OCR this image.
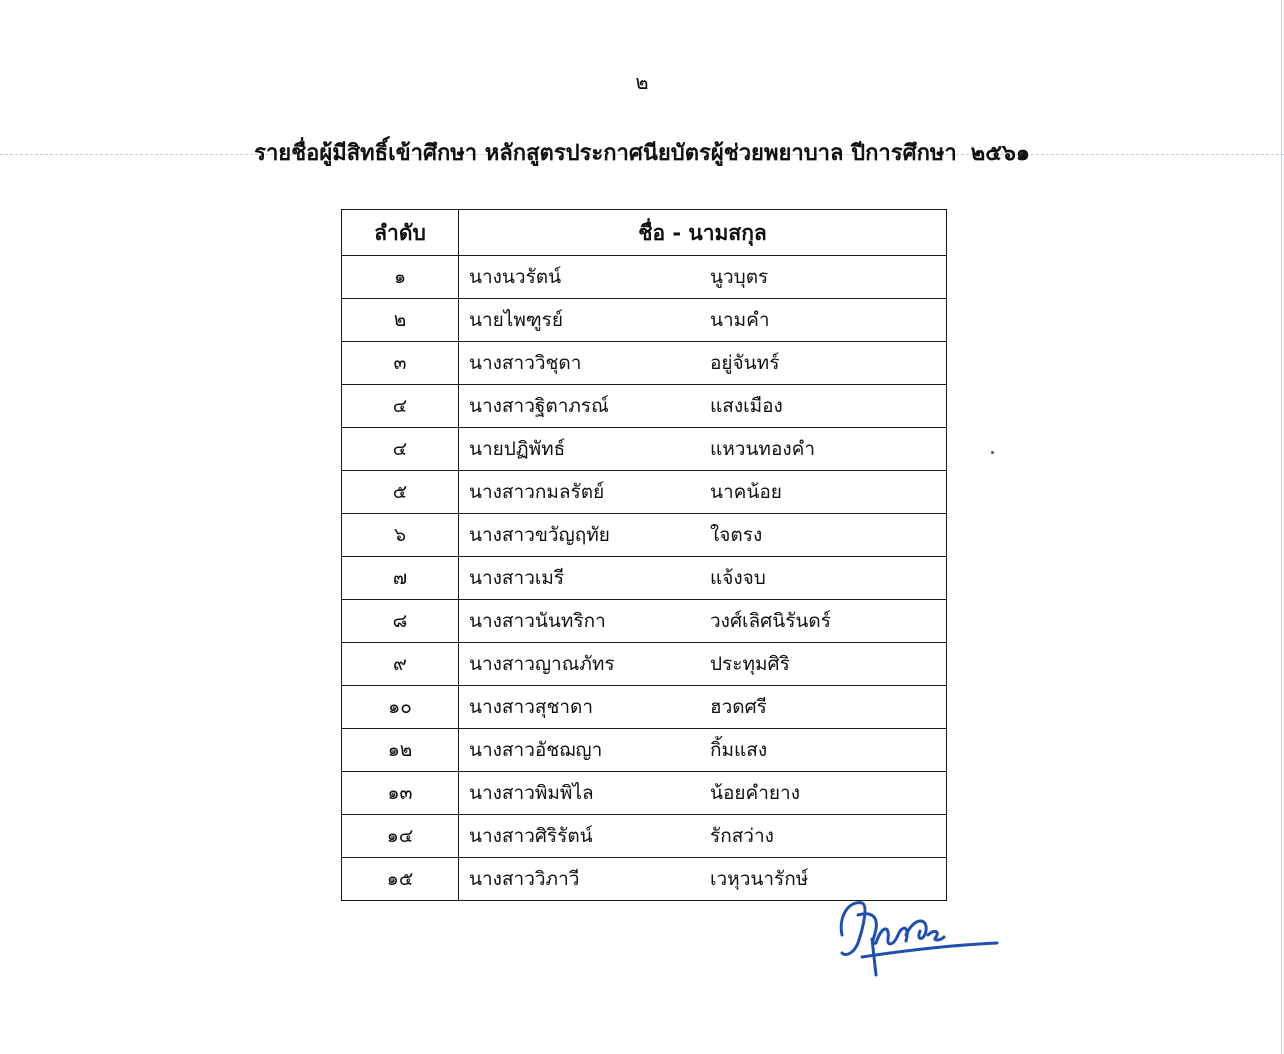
๒
รายชื่อผู้มีสิทธิ์เข้าศึกษา หลักสูตรประกาศนียบัตรผู้ช่วยพยาบาล ปีการศึกษา ๒๕๖๑
ลำดับ	ชื่อ - นามสกุล
๑	นางนวรัตน์ นูวบุตร

๒	นายไพฑูรย์ นามคำ

๓	นางสาววิชุดา อยู่จันทร์

๔	นางสาวฐิตาภรณ์ แสงเมือง

๔	นายปฏิพัทธ์ แหวนทองคำ

๕	นางสาวกมลรัตย์ นาคน้อย

๖	นางสาวขวัญฤทัย ใจตรง

๗	นางสาวเมรี แจ้งจบ

๘	นางสาวนันทริกา วงศ์เลิศนิรันดร์

๙	นางสาวญาณภัทร ประทุมศิริ

๑๐	นางสาวสุชาดา ฮวดศรี

๑๒	นางสาวอัชฌญา กิ้มแสง

๑๓	นางสาวพิมพิไล น้อยคำยาง

๑๔	นางสาวศิริรัตน์ รักสว่าง

๑๕	นางสาววิภาวี เวหุวนารักษ์
